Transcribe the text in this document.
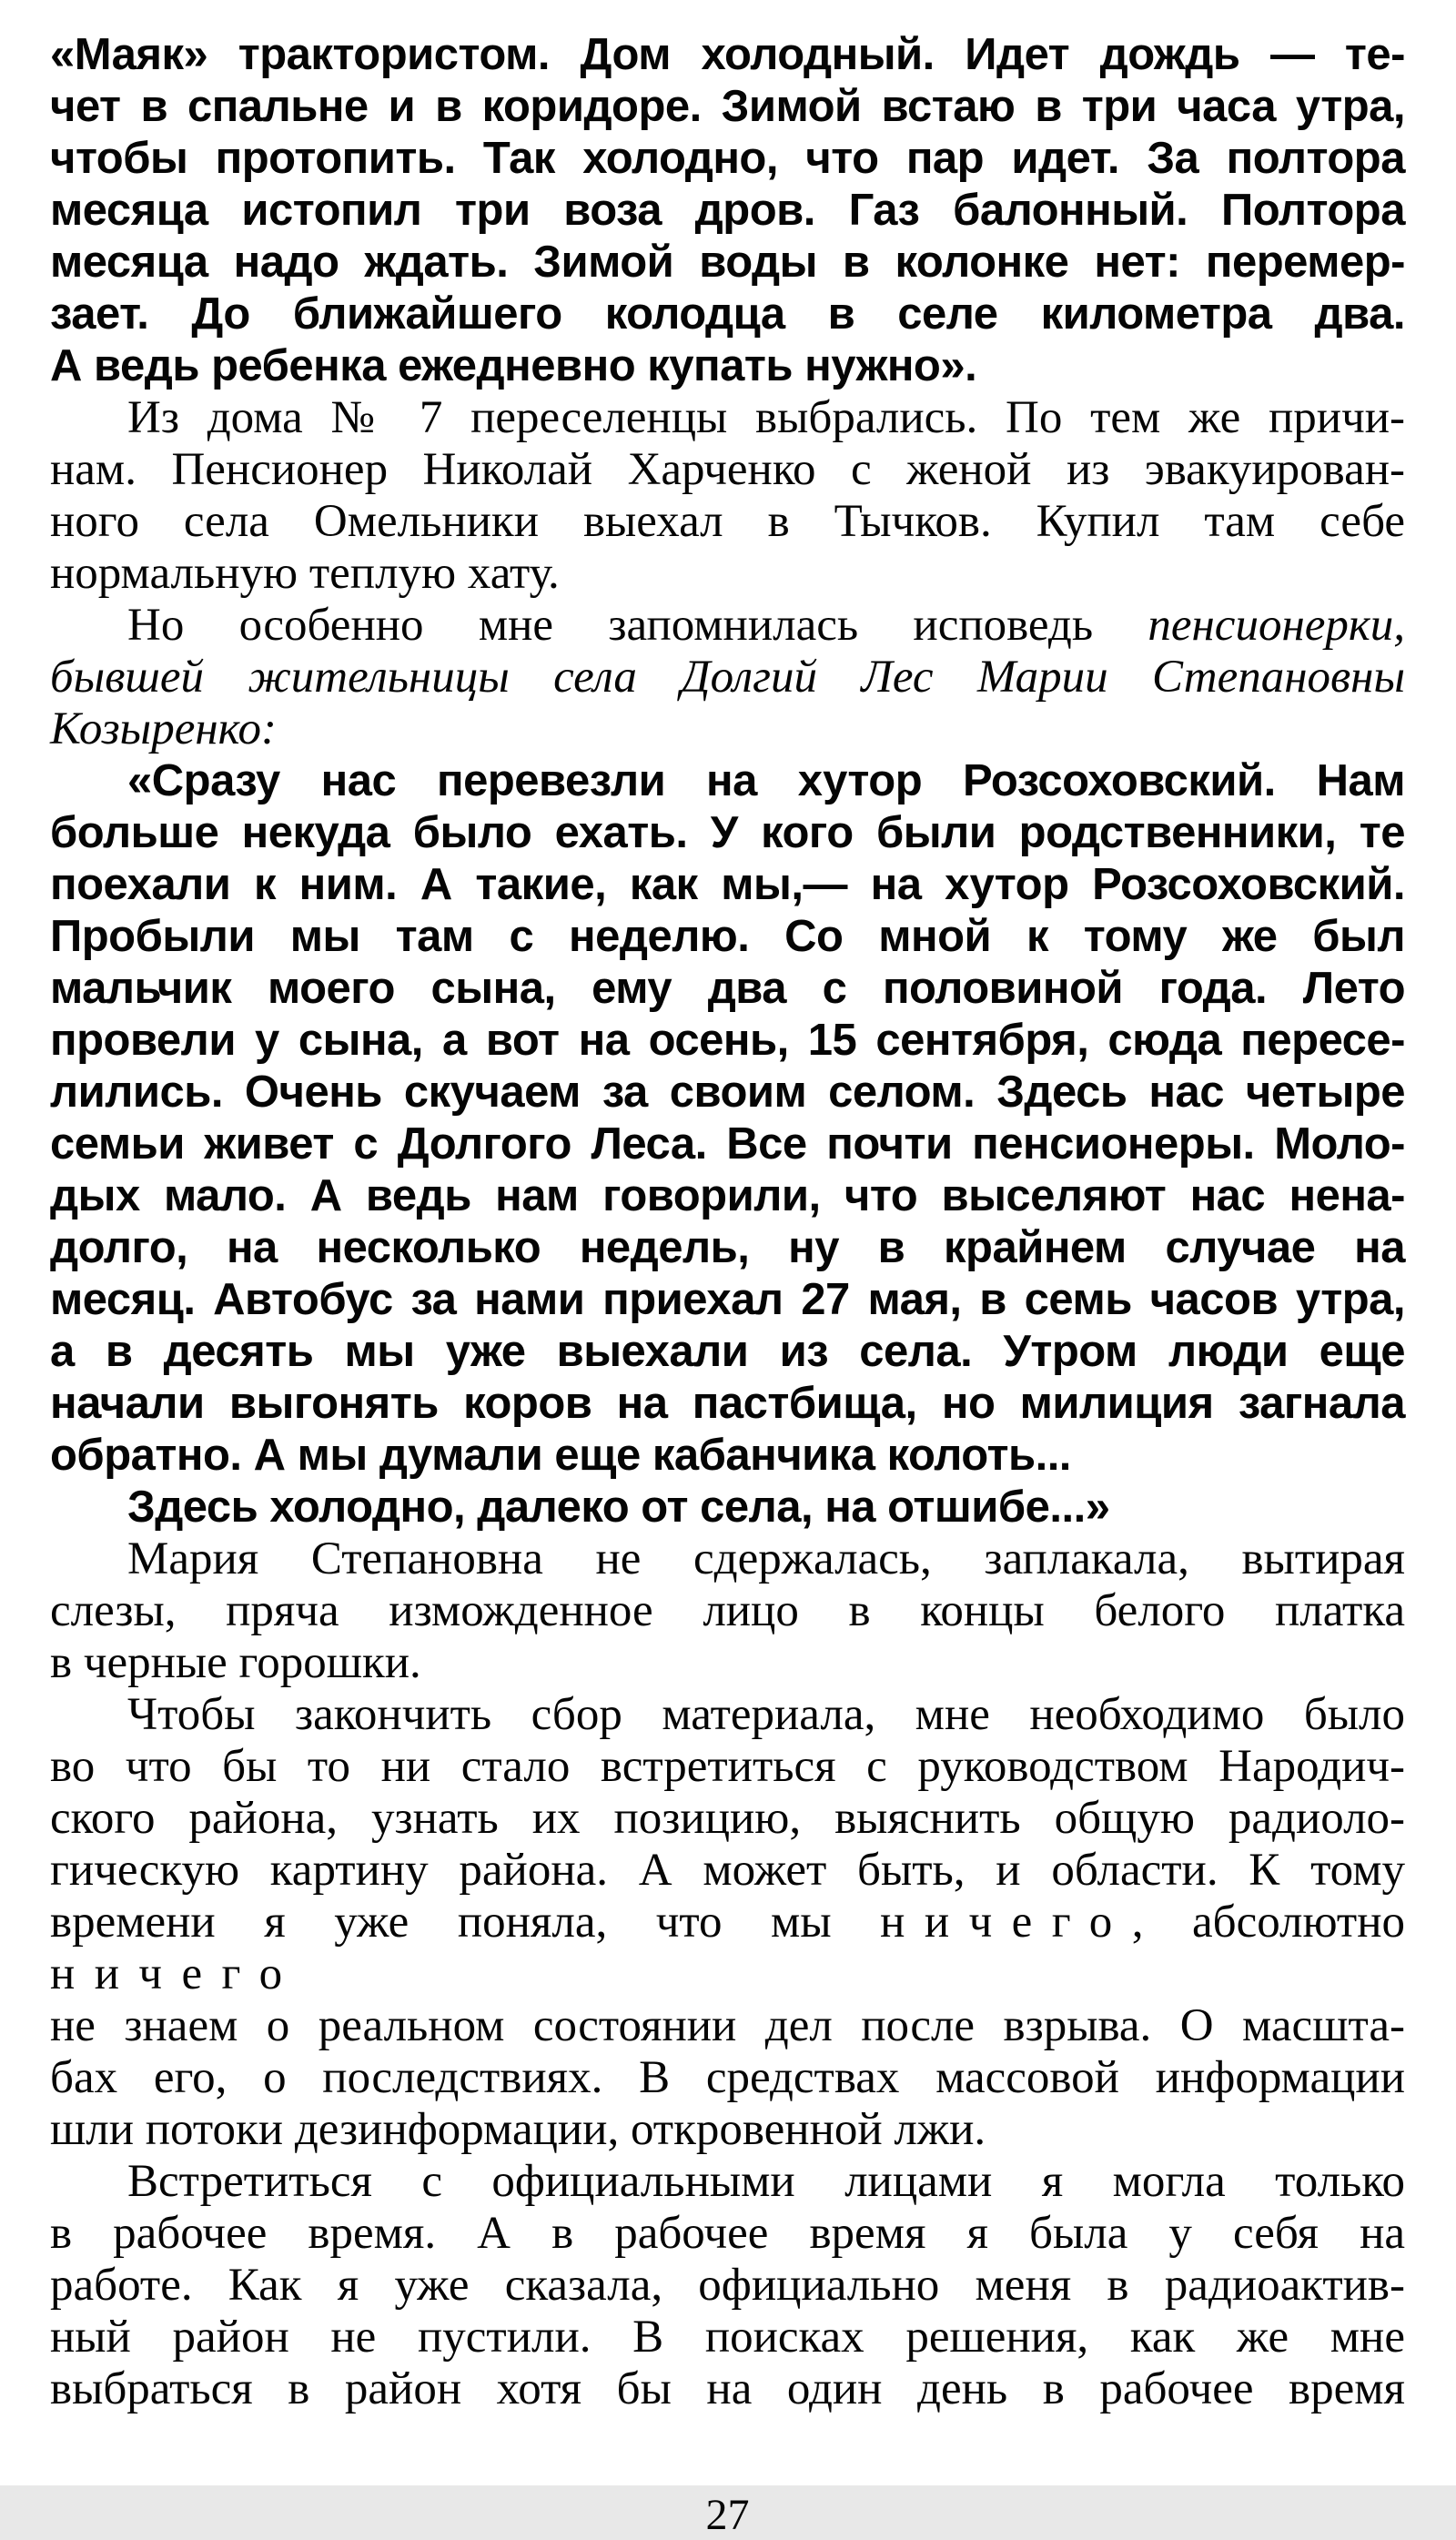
«Маяк» трактористом. Дом холодный. Идет дождь — те-
чет в спальне и в коридоре. Зимой встаю в три часа утра,
чтобы протопить. Так холодно, что пар идет. За полтора
месяца истопил три воза дров. Газ балонный. Полтора
месяца надо ждать. Зимой воды в колонке нет: перемер-
зает. До ближайшего колодца в селе километра два.
А ведь ребенка ежедневно купать нужно».
Из дома № 7 переселенцы выбрались. По тем же причи-
нам. Пенсионер Николай Харченко с женой из эвакуирован-
ного села Омельники выехал в Тычков. Купил там себе
нормальную теплую хату.
Но особенно мне запомнилась исповедь пенсионерки,
бывшей жительницы села Долгий Лес Марии Степановны
Козыренко:
«Сразу нас перевезли на хутор Розсоховский. Нам
больше некуда было ехать. У кого были родственники, те
поехали к ним. А такие, как мы,— на хутор Розсоховский.
Пробыли мы там с неделю. Со мной к тому же был
мальчик моего сына, ему два с половиной года. Лето
провели у сына, а вот на осень, 15 сентября, сюда пересе-
лились. Очень скучаем за своим селом. Здесь нас четыре
семьи живет с Долгого Леса. Все почти пенсионеры. Моло-
дых мало. А ведь нам говорили, что выселяют нас нена-
долго, на несколько недель, ну в крайнем случае на
месяц. Автобус за нами приехал 27 мая, в семь часов утра,
а в десять мы уже выехали из села. Утром люди еще
начали выгонять коров на пастбища, но милиция загнала
обратно. А мы думали еще кабанчика колоть...
Здесь холодно, далеко от села, на отшибе...»
Мария Степановна не сдержалась, заплакала, вытирая
слезы, пряча изможденное лицо в концы белого платка
в черные горошки.
Чтобы закончить сбор материала, мне необходимо было
во что бы то ни стало встретиться с руководством Народич-
ского района, узнать их позицию, выяснить общую радиоло-
гическую картину района. А может быть, и области. К тому
времени я уже поняла, что мы ничего, абсолютно ничего
не знаем о реальном состоянии дел после взрыва. О масшта-
бах его, о последствиях. В средствах массовой информации
шли потоки дезинформации, откровенной лжи.
Встретиться с официальными лицами я могла только
в рабочее время. А в рабочее время я была у себя на
работе. Как я уже сказала, официально меня в радиоактив-
ный район не пустили. В поисках решения, как же мне
выбраться в район хотя бы на один день в рабочее время
27
